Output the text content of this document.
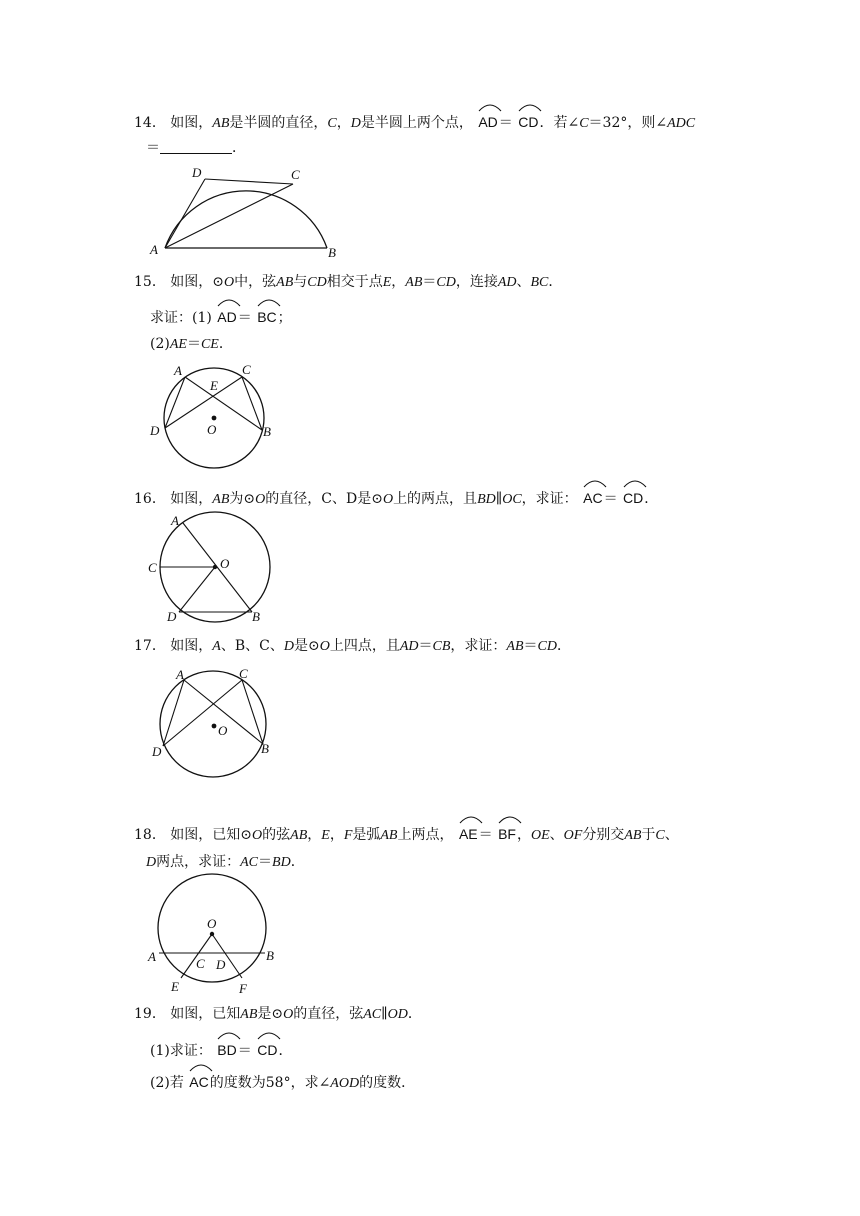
14． 如图，AB是半圆的直径，C，D是半圆上两个点， AD＝ CD．若∠C＝32°，则∠ADC
＝	．
A	B
C
D
15． 如图，⊙O中，弦AB与CD相交于点E，AB＝CD，连接AD、BC．
求证：(1) AD＝ BC；
(2)AE＝CE．
A
B
C
D
E
O
16． 如图，AB为⊙O的直径，C、D是⊙O上的两点，且BD∥OC，求证： AC＝ CD．
A
B
C
D
O
17． 如图，A、B、C、D是⊙O上四点，且AD＝CB，求证：AB＝CD．
A
B
C
D
O
18． 如图，已知⊙O的弦AB，E，F是弧AB上两点， AE＝ BF，OE、OF分别交AB于C、
D两点，求证：AC＝BD．
A	B
C D
E	F
O
19． 如图，已知AB是⊙O的直径，弦AC∥OD．
(1)求证： BD＝ CD．
(2)若 AC的度数为58°，求∠AOD的度数．
